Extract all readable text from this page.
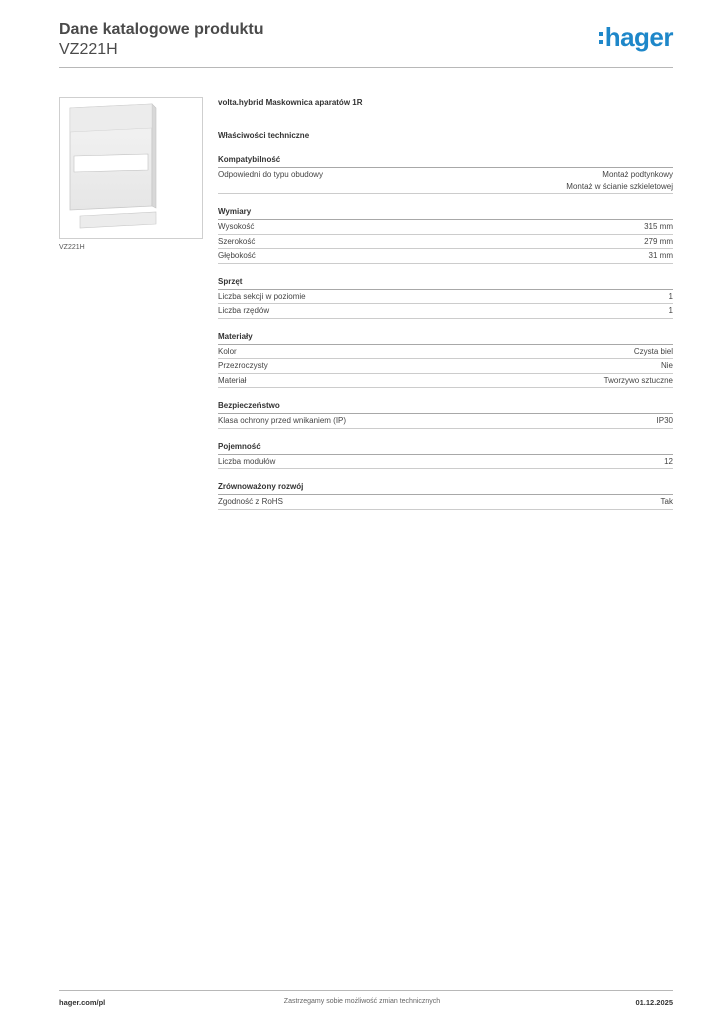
Dane katalogowe produktu
VZ221H	hager
VZ221H
volta.hybrid Maskownica aparatów 1R
Właściwości techniczne
Kompatybilność
Odpowiedni do typu obudowy	Montaż podtynkowy
Montaż w ścianie szkieletowej
Wymiary
Wysokość	315 mm
Szerokość	279 mm
Głębokość	31 mm
Sprzęt
Liczba sekcji w poziomie	1
Liczba rzędów	1
Materiały
Kolor	Czysta biel
Przezroczysty	Nie
Materiał	Tworzywo sztuczne
Bezpieczeństwo
Klasa ochrony przed wnikaniem (IP)	IP30
Pojemność
Liczba modułów	12
Zrównoważony rozwój
Zgodność z RoHS	Tak
Zastrzegamy sobie możliwość zmian technicznych
hager.com/pl	01.12.2025
